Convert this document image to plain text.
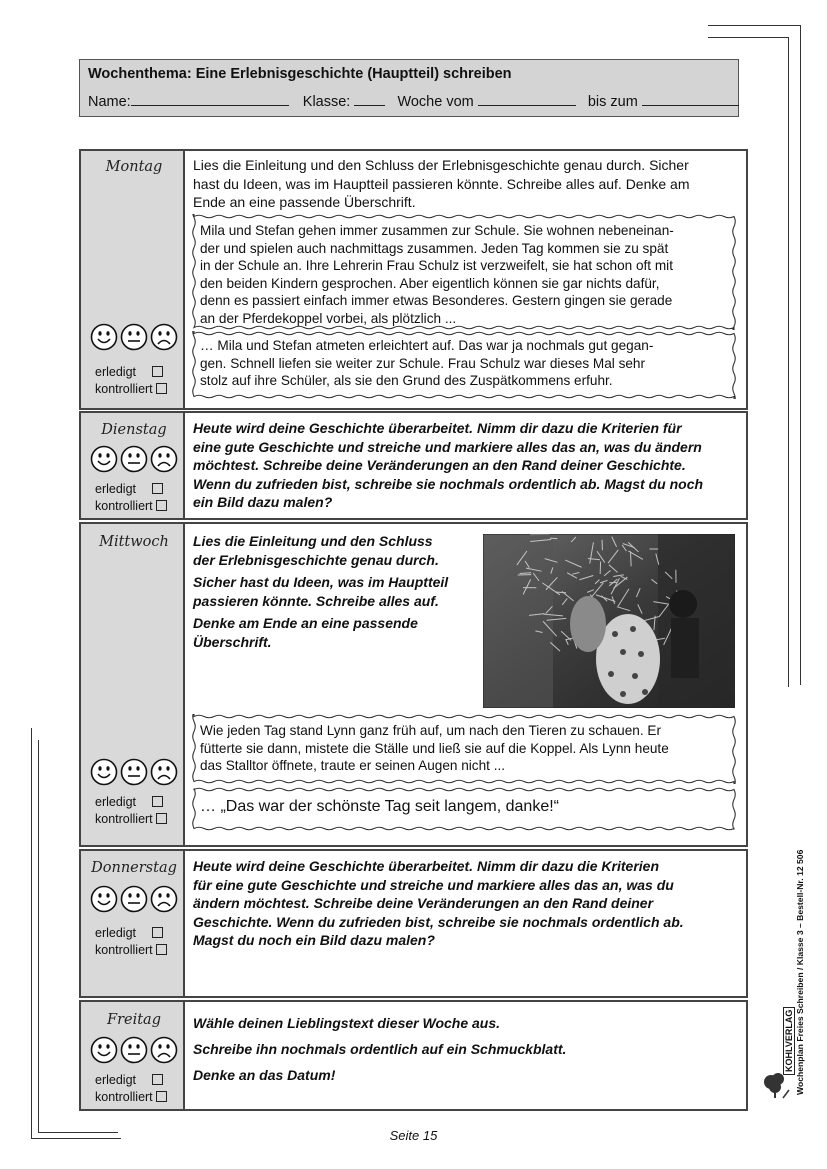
Wochenthema: Eine Erlebnisgeschichte (Hauptteil) schreiben
Name:	Klasse:	Woche vom	bis zum
Montag
erledigt
kontrolliert
Lies die Einleitung und den Schluss der Erlebnisgeschichte genau durch. Sicher
hast du Ideen, was im Hauptteil passieren könnte. Schreibe alles auf. Denke am
Ende an eine passende Überschrift.
Mila und Stefan gehen immer zusammen zur Schule. Sie wohnen nebeneinan-
der und spielen auch nachmittags zusammen. Jeden Tag kommen sie zu spät
in der Schule an. Ihre Lehrerin Frau Schulz ist verzweifelt, sie hat schon oft mit
den beiden Kindern gesprochen. Aber eigentlich können sie gar nichts dafür,
denn es passiert einfach immer etwas Besonderes. Gestern gingen sie gerade
an der Pferdekoppel vorbei, als plötzlich ...
… Mila und Stefan atmeten erleichtert auf. Das war ja nochmals gut gegan-
gen. Schnell liefen sie weiter zur Schule. Frau Schulz war dieses Mal sehr
stolz auf ihre Schüler, als sie den Grund des Zuspätkommens erfuhr.
Dienstag
erledigt
kontrolliert
Heute wird deine Geschichte überarbeitet. Nimm dir dazu die Kriterien für
eine gute Geschichte und streiche und markiere alles das an, was du ändern
möchtest. Schreibe deine Veränderungen an den Rand deiner Geschichte.
Wenn du zufrieden bist, schreibe sie nochmals ordentlich ab. Magst du noch
ein Bild dazu malen?
Mittwoch
erledigt
kontrolliert
Lies die Einleitung und den Schluss
der Erlebnisgeschichte genau durch.
Sicher hast du Ideen, was im Hauptteil
passieren könnte. Schreibe alles auf.
Denke am Ende an eine passende
Überschrift.
Wie jeden Tag stand Lynn ganz früh auf, um nach den Tieren zu schauen. Er
fütterte sie dann, mistete die Ställe und ließ sie auf die Koppel. Als Lynn heute
das Stalltor öffnete, traute er seinen Augen nicht ...
… „Das war der schönste Tag seit langem, danke!“
Donnerstag
erledigt
kontrolliert
Heute wird deine Geschichte überarbeitet. Nimm dir dazu die Kriterien
für eine gute Geschichte und streiche und markiere alles das an, was du
ändern möchtest. Schreibe deine Veränderungen an den Rand deiner
Geschichte. Wenn du zufrieden bist, schreibe sie nochmals ordentlich ab.
Magst du noch ein Bild dazu malen?
Freitag
erledigt
kontrolliert
Wähle deinen Lieblingstext dieser Woche aus.
Schreibe ihn nochmals ordentlich auf ein Schmuckblatt.
Denke an das Datum!
Seite 15
Wochenplan Freies Schreiben / Klasse 3 – Bestell-Nr. 12 506
KOHLVERLAG
